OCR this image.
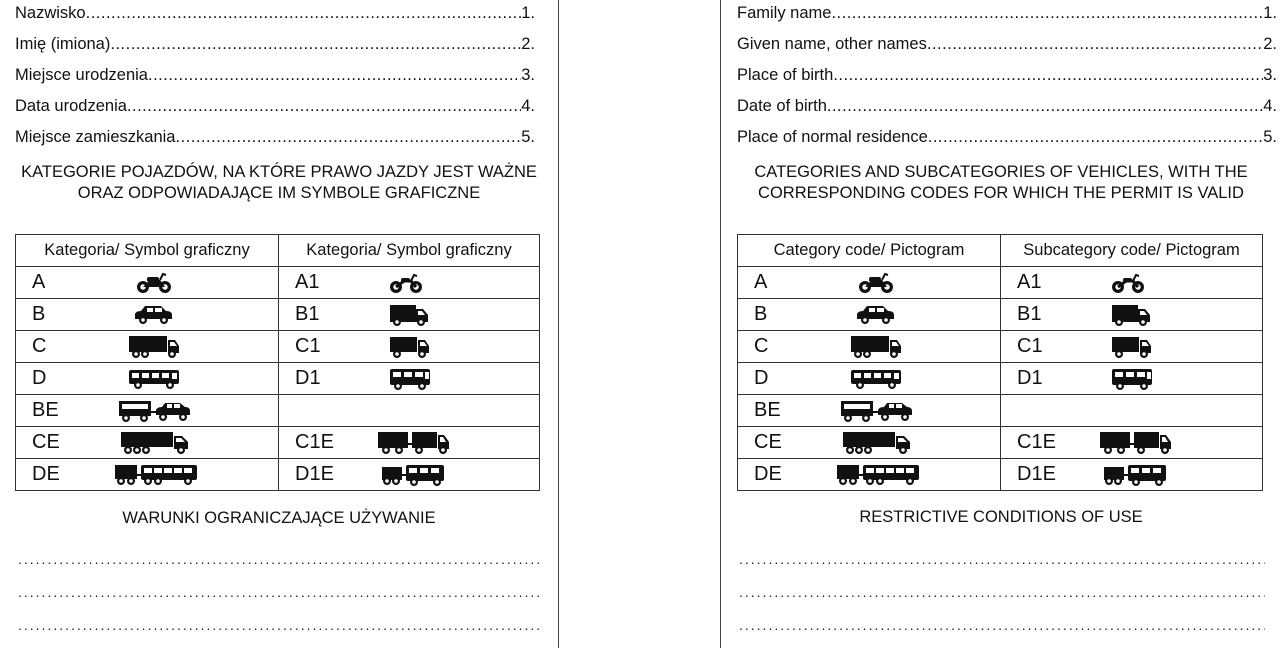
Nazwisko .....	1.
Imię (imiona) .....	2.
Miejsce urodzenia .....	3.
Data urodzenia .....	4.
Miejsce zamieszkania .....	5.
KATEGORIE POJAZDÓW, NA KTÓRE PRAWO JAZDY JEST WAŻNE ORAZ ODPOWIADAJĄCE IM SYMBOLE GRAFICZNE
Kategoria/ Symbol graficzny	Kategoria/ Symbol graficzny

A	A1

B	B1

C	C1

D	D1

BE	

CE	C1E

DE	D1E
WARUNKI OGRANICZAJĄCE UŻYWANIE
.....
.....
.....
Family name .....	1.
Given name, other names .....	2.
Place of birth .....	3.
Date of birth .....	4.
Place of normal residence .....	5.
CATEGORIES AND SUBCATEGORIES OF VEHICLES, WITH THE CORRESPONDING CODES FOR WHICH THE PERMIT IS VALID
Category code/ Pictogram	Subcategory code/ Pictogram

A	A1

B	B1

C	C1

D	D1

BE	

CE	C1E

DE	D1E
RESTRICTIVE CONDITIONS OF USE
.....
.....
.....
